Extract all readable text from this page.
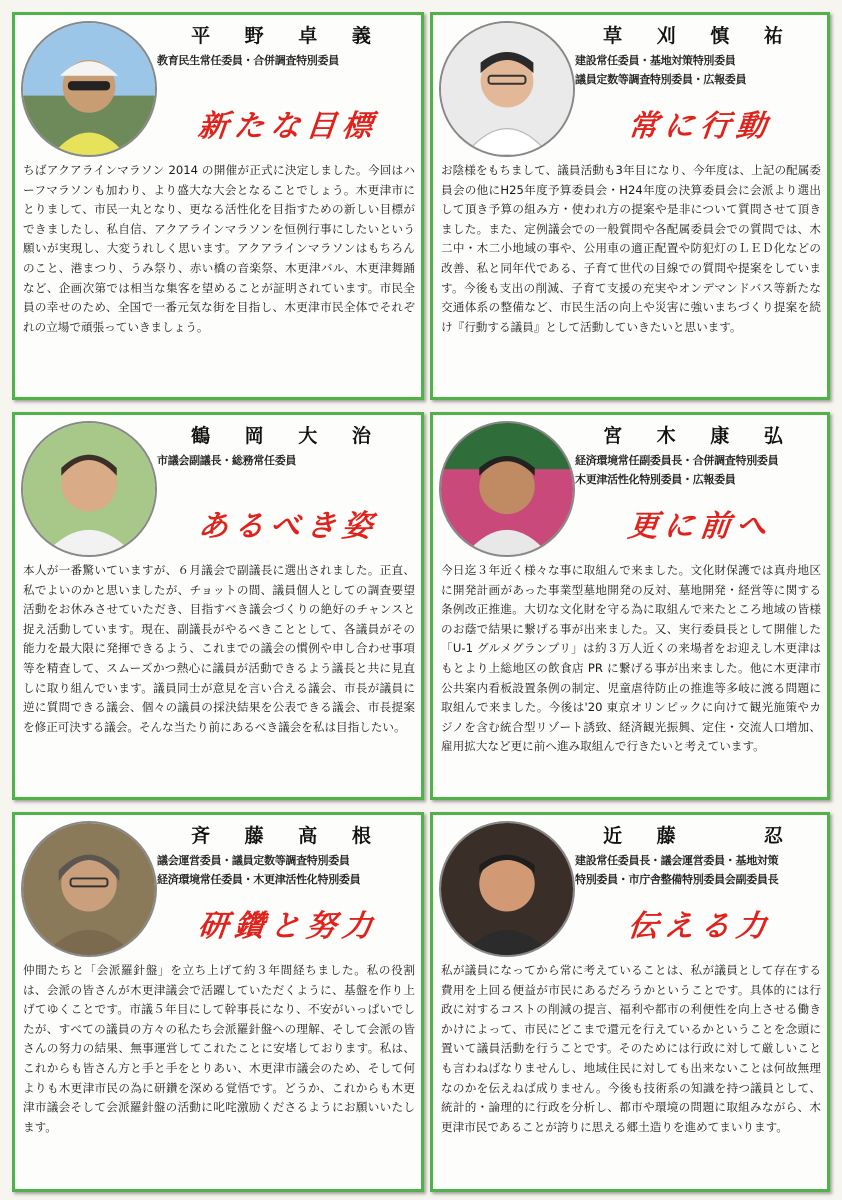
平 野 卓 義
教育民生常任委員・合併調査特別委員
新たな目標
ちばアクアラインマラソン 2014 の開催が正式に決定しました。今回はハーフマラソンも加わり、より盛大な大会となることでしょう。木更津市にとりまして、市民一丸となり、更なる活性化を目指すための新しい目標ができましたし、私自信、アクアラインマラソンを恒例行事にしたいという願いが実現し、大変うれしく思います。アクアラインマラソンはもちろんのこと、港まつり、うみ祭り、赤い橋の音楽祭、木更津バル、木更津舞踊など、企画次第では相当な集客を望めることが証明されています。市民全員の幸せのため、全国で一番元気な街を目指し、木更津市民全体でそれぞれの立場で頑張っていきましょう。
草 刈 慎 祐
建設常任委員・基地対策特別委員
議員定数等調査特別委員・広報委員
常に行動
お陰様をもちまして、議員活動も3年目になり、今年度は、上記の配属委員会の他にH25年度予算委員会・H24年度の決算委員会に会派より選出して頂き予算の組み方・使われ方の提案や是非について質問させて頂きました。また、定例議会での一般質問や各配属委員会での質問では、木二中・木二小地域の事や、公用車の適正配置や防犯灯のＬＥＤ化などの改善、私と同年代である、子育て世代の目線での質問や提案をしています。今後も支出の削減、子育て支援の充実やオンデマンドバス等新たな交通体系の整備など、市民生活の向上や災害に強いまちづくり提案を続け『行動する議員』として活動していきたいと思います。
鶴 岡 大 治
市議会副議長・総務常任委員
あるべき姿
本人が一番驚いていますが、６月議会で副議長に選出されました。正直、私でよいのかと思いましたが、チョットの間、議員個人としての調査要望活動をお休みさせていただき、目指すべき議会づくりの絶好のチャンスと捉え活動しています。現在、副議長がやるべきこととして、各議員がその能力を最大限に発揮できるよう、これまでの議会の慣例や申し合わせ事項等を精査して、スムーズかつ熱心に議員が活動できるよう議長と共に見直しに取り組んでいます。議員同士が意見を言い合える議会、市長が議員に逆に質問できる議会、個々の議員の採決結果を公表できる議会、市長提案を修正可決する議会。そんな当たり前にあるべき議会を私は目指したい。
宮 木 康 弘
経済環境常任副委員長・合併調査特別委員
木更津活性化特別委員・広報委員
更に前へ
今日迄３年近く様々な事に取組んで来ました。文化財保護では真舟地区に開発計画があった事業型墓地開発の反対、墓地開発・経営等に関する条例改正推進。大切な文化財を守る為に取組んで来たところ地域の皆様のお蔭で結果に繋げる事が出来ました。又、実行委員長として開催した「U-1 グルメグランプリ」は約３万人近くの来場者をお迎えし木更津はもとより上総地区の飲食店 PR に繋げる事が出来ました。他に木更津市公共案内看板設置条例の制定、児童虐待防止の推進等多岐に渡る問題に取組んで来ました。今後は'20 東京オリンピックに向けて観光施策やカジノを含む統合型リゾート誘致、経済観光振興、定住・交流人口増加、雇用拡大など更に前へ進み取組んで行きたいと考えています。
斉 藤 高 根
議会運営委員・議員定数等調査特別委員
経済環境常任委員・木更津活性化特別委員
研鑽と努力
仲間たちと「会派羅針盤」を立ち上げて約３年間経ちました。私の役割は、会派の皆さんが木更津議会で活躍していただくように、基盤を作り上げてゆくことです。市議５年目にして幹事長になり、不安がいっぱいでしたが、すべての議員の方々の私たち会派羅針盤への理解、そして会派の皆さんの努力の結果、無事運営してこれたことに安堵しております。私は、これからも皆さん方と手と手をとりあい、木更津市議会のため、そして何よりも木更津市民の為に研鑽を深める覚悟です。どうか、これからも木更津市議会そして会派羅針盤の活動に叱咤激励くださるようにお願いいたします。
近 藤 　 忍
建設常任委員長・議会運営委員・基地対策
特別委員・市庁舎整備特別委員会副委員長
伝える力
私が議員になってから常に考えていることは、私が議員として存在する費用を上回る便益が市民にあるだろうかということです。具体的には行政に対するコストの削減の提言、福利や都市の利便性を向上させる働きかけによって、市民にどこまで還元を行えているかということを念頭に置いて議員活動を行うことです。そのためには行政に対して厳しいことも言わねばなりませんし、地域住民に対しても出来ないことは何故無理なのかを伝えねば成りません。今後も技術系の知識を持つ議員として、統計的・論理的に行政を分析し、都市や環境の問題に取組みながら、木更津市民であることが誇りに思える郷土造りを進めてまいります。
